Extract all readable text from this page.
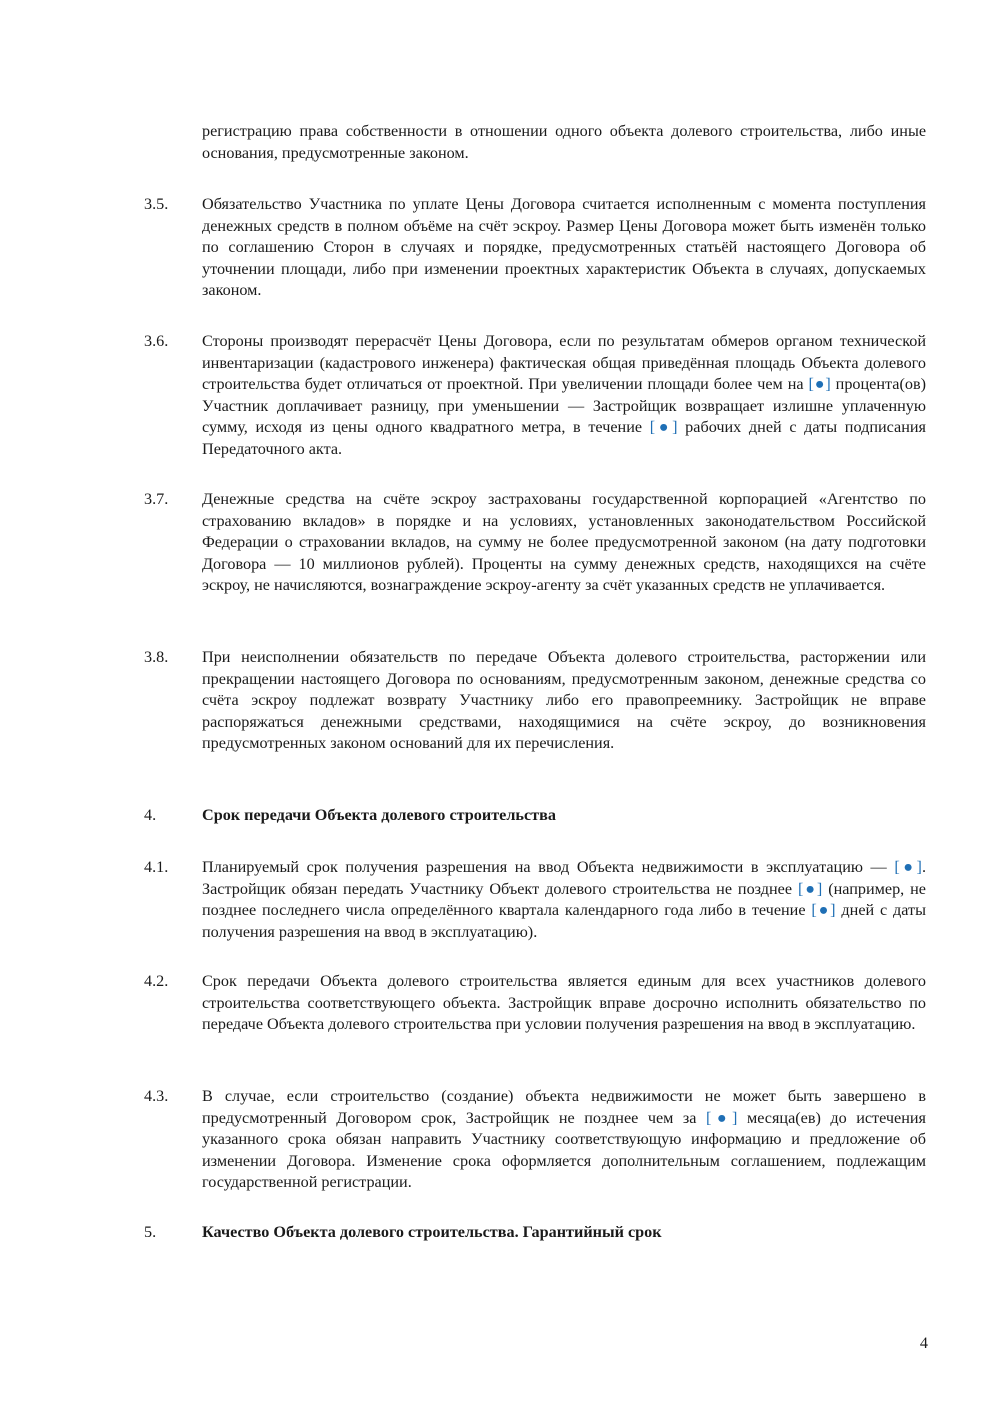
регистрацию права собственности в отношении одного объекта долевого строительства, либо иные основания, предусмотренные законом.
3.5.	Обязательство Участника по уплате Цены Договора считается исполненным с момента поступления денежных средств в полном объёме на счёт эскроу. Размер Цены Договора может быть изменён только по соглашению Сторон в случаях и порядке, предусмотренных статьёй настоящего Договора об уточнении площади, либо при изменении проектных характеристик Объекта в случаях, допускаемых законом.
3.6.	Стороны производят перерасчёт Цены Договора, если по результатам обмеров органом технической инвентаризации (кадастрового инженера) фактическая общая приведённая площадь Объекта долевого строительства будет отличаться от проектной. При увеличении площади более чем на [●] процента(ов) Участник доплачивает разницу, при уменьшении — Застройщик возвращает излишне уплаченную сумму, исходя из цены одного квадратного метра, в течение [●] рабочих дней с даты подписания Передаточного акта.
3.7.	Денежные средства на счёте эскроу застрахованы государственной корпорацией «Агентство по страхованию вкладов» в порядке и на условиях, установленных законодательством Российской Федерации о страховании вкладов, на сумму не более предусмотренной законом (на дату подготовки Договора — 10 миллионов рублей). Проценты на сумму денежных средств, находящихся на счёте эскроу, не начисляются, вознаграждение эскроу-агенту за счёт указанных средств не уплачивается.
3.8.	При неисполнении обязательств по передаче Объекта долевого строительства, расторжении или прекращении настоящего Договора по основаниям, предусмотренным законом, денежные средства со счёта эскроу подлежат возврату Участнику либо его правопреемнику. Застройщик не вправе распоряжаться денежными средствами, находящимися на счёте эскроу, до возникновения предусмотренных законом оснований для их перечисления.
4.	Срок передачи Объекта долевого строительства
4.1.	Планируемый срок получения разрешения на ввод Объекта недвижимости в эксплуатацию — [●]. Застройщик обязан передать Участнику Объект долевого строительства не позднее [●] (например, не позднее последнего числа определённого квартала календарного года либо в течение [●] дней с даты получения разрешения на ввод в эксплуатацию).
4.2.	Срок передачи Объекта долевого строительства является единым для всех участников долевого строительства соответствующего объекта. Застройщик вправе досрочно исполнить обязательство по передаче Объекта долевого строительства при условии получения разрешения на ввод в эксплуатацию.
4.3.	В случае, если строительство (создание) объекта недвижимости не может быть завершено в предусмотренный Договором срок, Застройщик не позднее чем за [●] месяца(ев) до истечения указанного срока обязан направить Участнику соответствующую информацию и предложение об изменении Договора. Изменение срока оформляется дополнительным соглашением, подлежащим государственной регистрации.
5.	Качество Объекта долевого строительства. Гарантийный срок
4
